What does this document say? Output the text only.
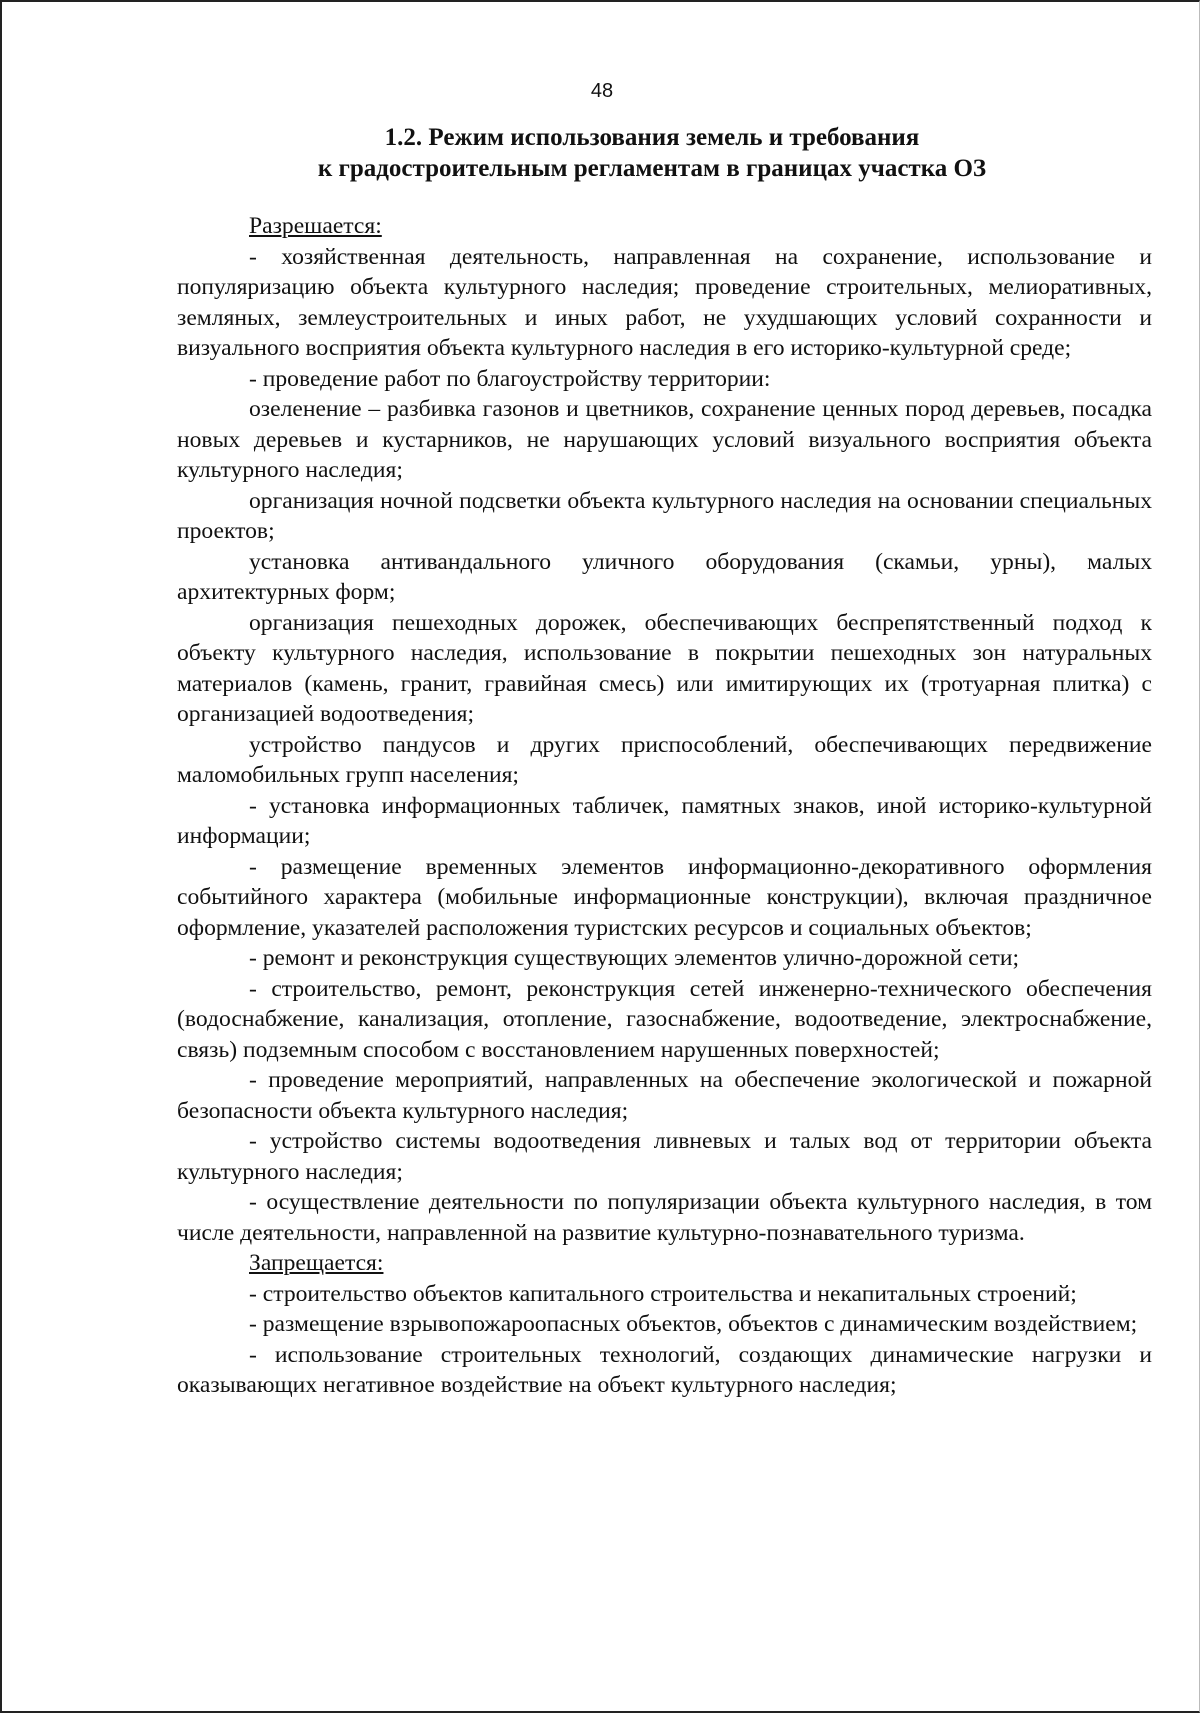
48
1.2. Режим использования земель и требования
к градостроительным регламентам в границах участка ОЗ

Разрешается:

- хозяйственная деятельность, направленная на сохранение, использование и популяризацию объекта культурного наследия; проведение строительных, мелиоративных, земляных, землеустроительных и иных работ, не ухудшающих условий сохранности и визуального восприятия объекта культурного наследия в его историко-культурной среде;

- проведение работ по благоустройству территории:

озеленение – разбивка газонов и цветников, сохранение ценных пород деревьев, посадка новых деревьев и кустарников, не нарушающих условий визуального восприятия объекта культурного наследия;

организация ночной подсветки объекта культурного наследия на основании специальных проектов;

установка антивандального уличного оборудования (скамьи, урны), малых архитектурных форм;

организация пешеходных дорожек, обеспечивающих беспрепятственный подход к объекту культурного наследия, использование в покрытии пешеходных зон натуральных материалов (камень, гранит, гравийная смесь) или имитирующих их (тротуарная плитка) с организацией водоотведения;

устройство пандусов и других приспособлений, обеспечивающих передвижение маломобильных групп населения;

- установка информационных табличек, памятных знаков, иной историко-культурной информации;

- размещение временных элементов информационно-декоративного оформления событийного характера (мобильные информационные конструкции), включая праздничное оформление, указателей расположения туристских ресурсов и социальных объектов;

- ремонт и реконструкция существующих элементов улично-дорожной сети;

- строительство, ремонт, реконструкция сетей инженерно-технического обеспечения (водоснабжение, канализация, отопление, газоснабжение, водоотведение, электроснабжение, связь) подземным способом с восстановлением нарушенных поверхностей;

- проведение мероприятий, направленных на обеспечение экологической и пожарной безопасности объекта культурного наследия;

- устройство системы водоотведения ливневых и талых вод от территории объекта культурного наследия;

- осуществление деятельности по популяризации объекта культурного наследия, в том числе деятельности, направленной на развитие культурно-познавательного туризма.

Запрещается:

- строительство объектов капитального строительства и некапитальных строений;

- размещение взрывопожароопасных объектов, объектов с динамическим воздействием;

- использование строительных технологий, создающих динамические нагрузки и оказывающих негативное воздействие на объект культурного наследия;
